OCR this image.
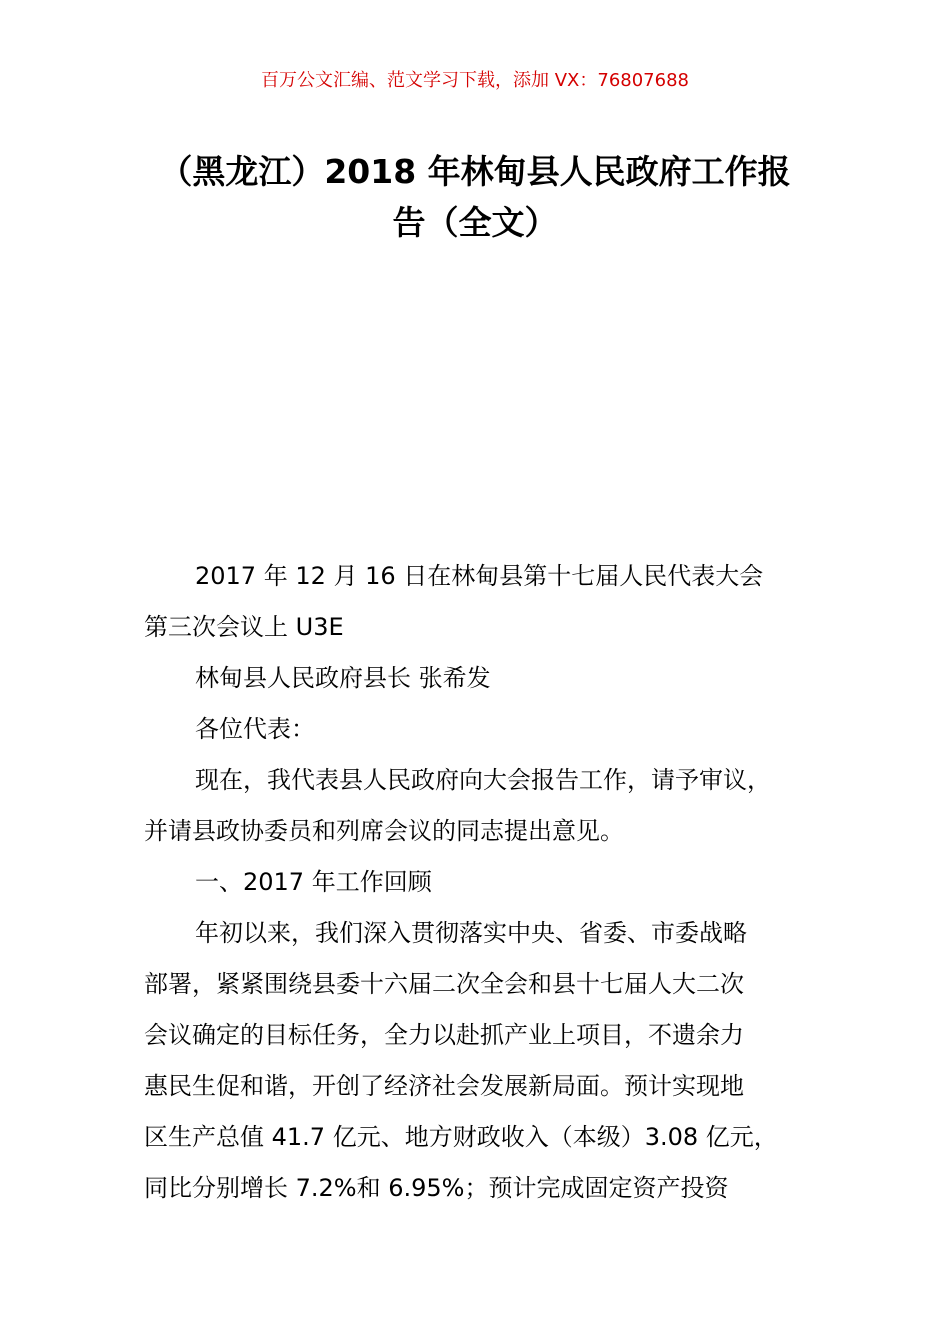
百万公文汇编、范文学习下载，添加 VX：76807688
（黑龙江）2018 年林甸县人民政府工作报
告（全文）

2017 年 12 月 16 日在林甸县第十七届人民代表大会
第三次会议上 U3E

林甸县人民政府县长 张希发

各位代表：

现在，我代表县人民政府向大会报告工作，请予审议，
并请县政协委员和列席会议的同志提出意见。

一、2017 年工作回顾

年初以来，我们深入贯彻落实中央、省委、市委战略
部署，紧紧围绕县委十六届二次全会和县十七届人大二次
会议确定的目标任务，全力以赴抓产业上项目，不遗余力
惠民生促和谐，开创了经济社会发展新局面。预计实现地
区生产总值 41.7 亿元、地方财政收入（本级）3.08 亿元，
同比分别增长 7.2%和 6.95%；预计完成固定资产投资
